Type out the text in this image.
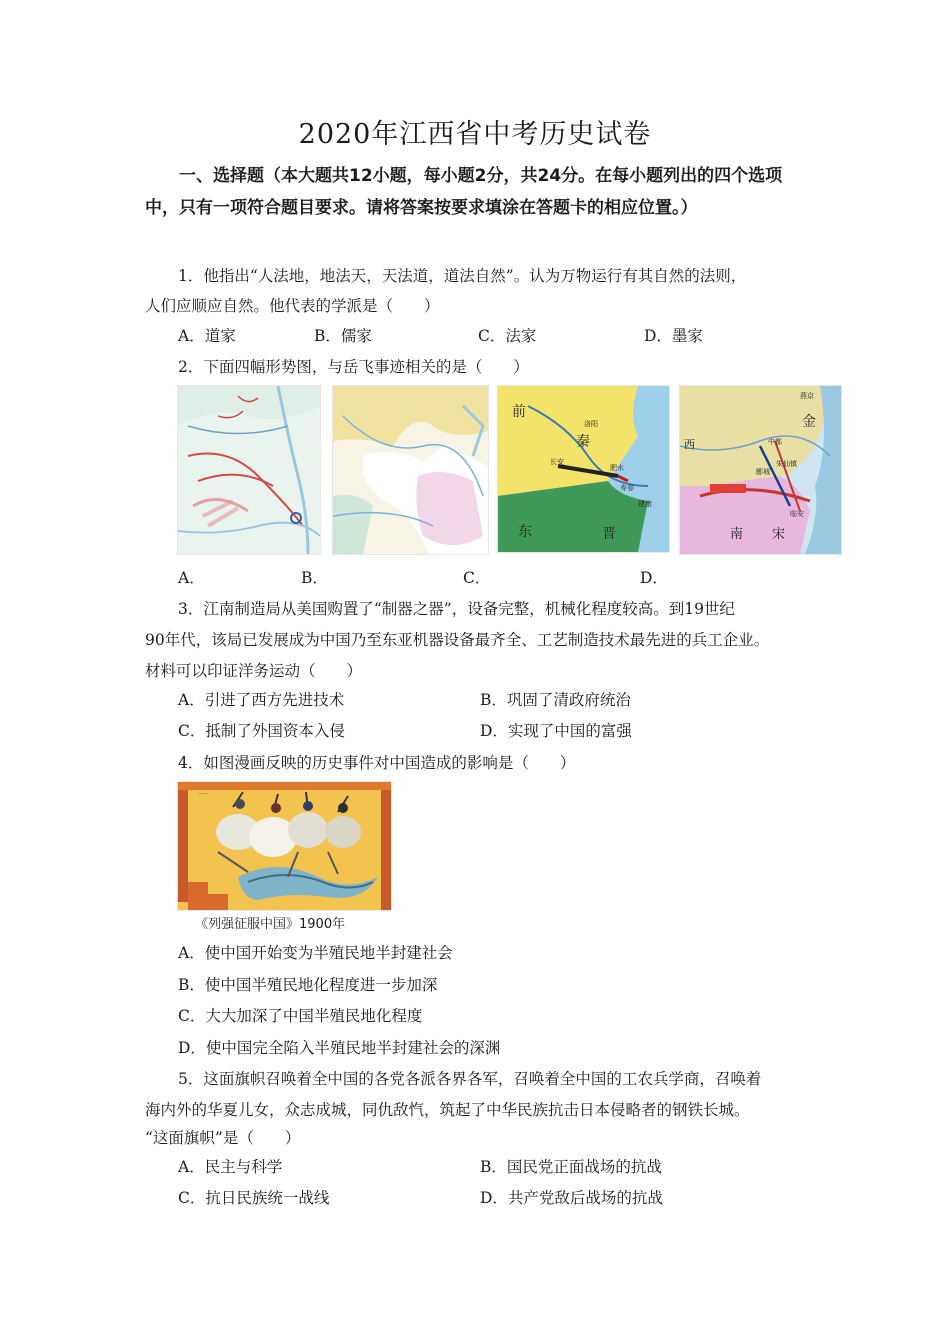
2020年江西省中考历史试卷
一、选择题（本大题共12小题，每小题2分，共24分。在每小题列出的四个选项中，只有一项符合题目要求。请将答案按要求填涂在答题卡的相应位置。）
1．他指出“人法地，地法天，天法道，道法自然”。认为万物运行有其自然的法则，
人们应顺应自然。他代表的学派是（　　）
A．道家	B．儒家	C．法家	D．墨家
2．下面四幅形势图，与岳飞事迹相关的是（　　）
前
秦
东	晋
长安
洛阳
肥水
寿春
建康
金
西
南 宋
中都
燕京
郾城
朱仙镇
临安
A．	B．	C．	D．
3．江南制造局从美国购置了“制器之器”，设备完整，机械化程度较高。到19世纪
90年代，该局已发展成为中国乃至东亚机器设备最齐全、工艺制造技术最先进的兵工企业。
材料可以印证洋务运动（　　）
A．引进了西方先进技术	B．巩固了清政府统治
C．抵制了外国资本入侵	D．实现了中国的富强
4．如图漫画反映的历史事件对中国造成的影响是（　　）
·····
《列强征服中国》1900年
A．使中国开始变为半殖民地半封建社会
B．使中国半殖民地化程度进一步加深
C．大大加深了中国半殖民地化程度
D．使中国完全陷入半殖民地半封建社会的深渊
5．这面旗帜召唤着全中国的各党各派各界各军，召唤着全中国的工农兵学商，召唤着
海内外的华夏儿女，众志成城，同仇敌忾，筑起了中华民族抗击日本侵略者的钢铁长城。
“这面旗帜”是（　　）
A．民主与科学	B．国民党正面战场的抗战
C．抗日民族统一战线	D．共产党敌后战场的抗战
